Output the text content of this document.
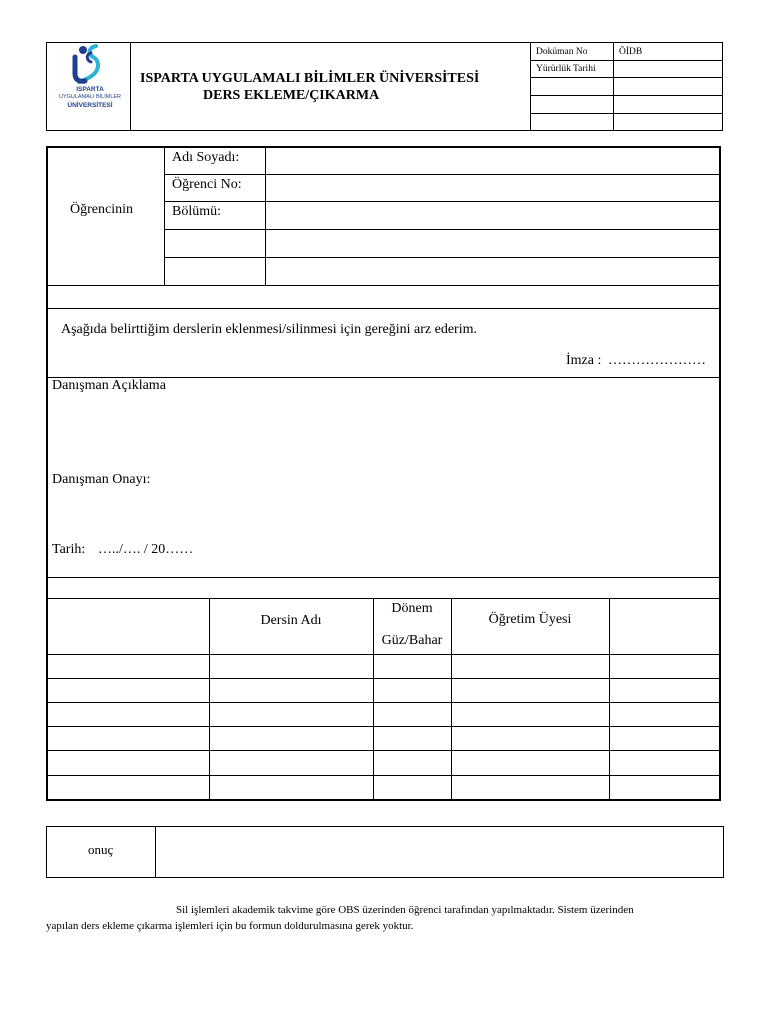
ISPARTA
UYGULAMALI BİLİMLER
ÜNİVERSİTESİ
ISPARTA UYGULAMALI BİLİMLER ÜNİVERSİTESİ
DERS EKLEME/ÇIKARMA
Doküman No	ÖİDB
Yürürlük Tarihi
Öğrencinin
Adı Soyadı:
Öğrenci No:
Bölümü:
Aşağıda belirttiğim derslerin eklenmesi/silinmesi için gereğini arz ederim.
İmza : …………………
Danışman Açıklama
Danışman Onayı:
Tarih: …../…. / 20……
Dersin Adı
Dönem
Güz/Bahar
Öğretim Üyesi
onuç
Sil işlemleri akademik takvime göre OBS üzerinden öğrenci tarafından yapılmaktadır. Sistem üzerinden
yapılan ders ekleme çıkarma işlemleri için bu formun doldurulmasına gerek yoktur.
